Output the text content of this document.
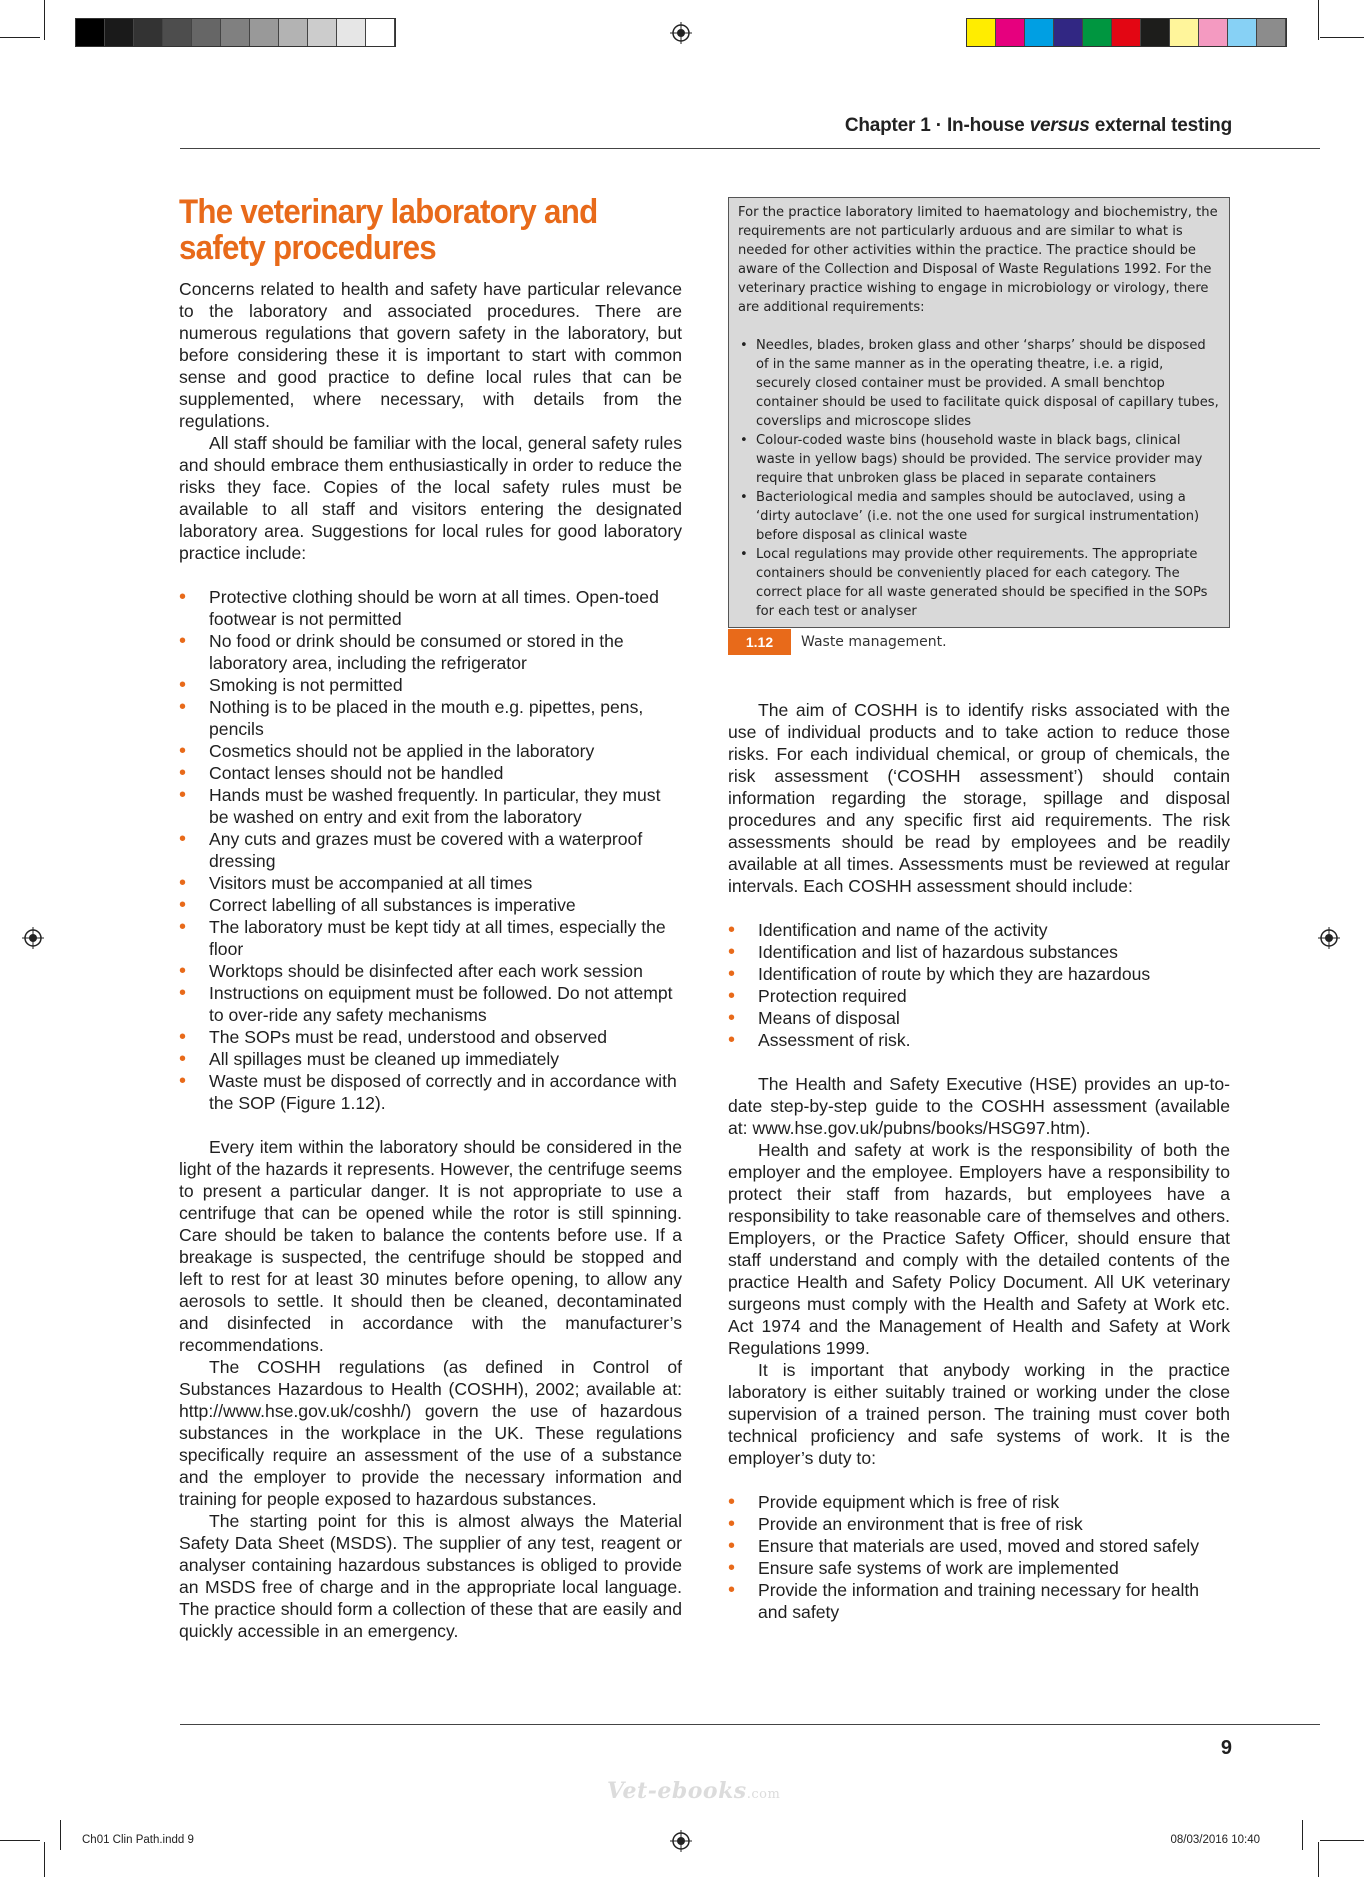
Chapter 1 · In-house versus external testing
The veterinary laboratory and
safety procedures

Concerns related to health and safety have particular relevance to the laboratory and associated procedures. There are numerous regulations that govern safety in the laboratory, but before considering these it is important to start with common sense and good practice to define local rules that can be supplemented, where necessary, with details from the regulations.

All staff should be familiar with the local, general safety rules and should embrace them enthusiastically in order to reduce the risks they face. Copies of the local safety rules must be available to all staff and visitors entering the designated laboratory area. Suggestions for local rules for good laboratory practice include:

• Protective clothing should be worn at all times. Open-toed footwear is not permitted
• No food or drink should be consumed or stored in the laboratory area, including the refrigerator
• Smoking is not permitted
• Nothing is to be placed in the mouth e.g. pipettes, pens, pencils
• Cosmetics should not be applied in the laboratory
• Contact lenses should not be handled
• Hands must be washed frequently. In particular, they must be washed on entry and exit from the laboratory
• Any cuts and grazes must be covered with a waterproof dressing
• Visitors must be accompanied at all times
• Correct labelling of all substances is imperative
• The laboratory must be kept tidy at all times, especially the floor
• Worktops should be disinfected after each work session
• Instructions on equipment must be followed. Do not attempt to over-ride any safety mechanisms
• The SOPs must be read, understood and observed
• All spillages must be cleaned up immediately
• Waste must be disposed of correctly and in accordance with the SOP (Figure 1.12).

Every item within the laboratory should be considered in the light of the hazards it represents. However, the centrifuge seems to present a particular danger. It is not appropriate to use a centrifuge that can be opened while the rotor is still spinning. Care should be taken to balance the contents before use. If a breakage is suspected, the centrifuge should be stopped and left to rest for at least 30 minutes before opening, to allow any aerosols to settle. It should then be cleaned, decontaminated and disinfected in accordance with the manufacturer’s recommendations.

The COSHH regulations (as defined in Control of Substances Hazardous to Health (COSHH), 2002; available at: http://www.hse.gov.uk/coshh/) govern the use of hazardous substances in the workplace in the UK. These regulations specifically require an assessment of the use of a substance and the employer to provide the necessary information and training for people exposed to hazardous substances.

The starting point for this is almost always the Material Safety Data Sheet (MSDS). The supplier of any test, reagent or analyser containing hazardous substances is obliged to provide an MSDS free of charge and in the appropriate local language. The practice should form a collection of these that are easily and quickly accessible in an emergency.

For the practice laboratory limited to haematology and biochemistry, the requirements are not particularly arduous and are similar to what is needed for other activities within the practice. The practice should be aware of the Collection and Disposal of Waste Regulations 1992. For the veterinary practice wishing to engage in microbiology or virology, there are additional requirements:

• Needles, blades, broken glass and other ‘sharps’ should be disposed of in the same manner as in the operating theatre, i.e. a rigid, securely closed container must be provided. A small benchtop container should be used to facilitate quick disposal of capillary tubes, coverslips and microscope slides
• Colour-coded waste bins (household waste in black bags, clinical waste in yellow bags) should be provided. The service provider may require that unbroken glass be placed in separate containers
• Bacteriological media and samples should be autoclaved, using a ‘dirty autoclave’ (i.e. not the one used for surgical instrumentation) before disposal as clinical waste
• Local regulations may provide other requirements. The appropriate containers should be conveniently placed for each category. The correct place for all waste generated should be specified in the SOPs for each test or analyser
1.12	Waste management.

The aim of COSHH is to identify risks associated with the use of individual products and to take action to reduce those risks. For each individual chemical, or group of chemicals, the risk assessment (‘COSHH assessment’) should contain information regarding the storage, spillage and disposal procedures and any specific first aid requirements. The risk assessments should be read by employees and be readily available at all times. Assessments must be reviewed at regular intervals. Each COSHH assessment should include:

• Identification and name of the activity
• Identification and list of hazardous substances
• Identification of route by which they are hazardous
• Protection required
• Means of disposal
• Assessment of risk.

The Health and Safety Executive (HSE) provides an up-to-date step-by-step guide to the COSHH assessment (available at: www.hse.gov.uk/pubns/books/HSG97.htm).

Health and safety at work is the responsibility of both the employer and the employee. Employers have a responsibility to protect their staff from hazards, but employees have a responsibility to take reasonable care of themselves and others. Employers, or the Practice Safety Officer, should ensure that staff understand and comply with the detailed contents of the practice Health and Safety Policy Document. All UK veterinary surgeons must comply with the Health and Safety at Work etc. Act 1974 and the Management of Health and Safety at Work Regulations 1999.

It is important that anybody working in the practice laboratory is either suitably trained or working under the close supervision of a trained person. The training must cover both technical proficiency and safe systems of work. It is the employer’s duty to:

• Provide equipment which is free of risk
• Provide an environment that is free of risk
• Ensure that materials are used, moved and stored safely
• Ensure safe systems of work are implemented
• Provide the information and training necessary for health and safety
9
Vet-ebooks.com
Ch01 Clin Path.indd 9	08/03/2016 10:40
